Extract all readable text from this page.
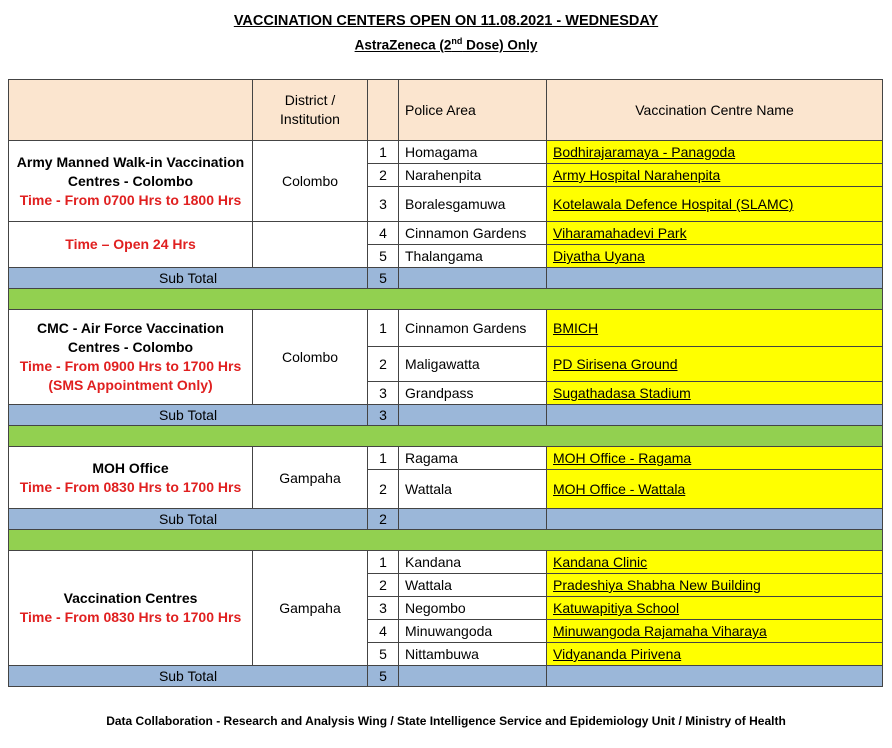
VACCINATION CENTERS OPEN ON 11.08.2021 - WEDNESDAY
AstraZeneca (2nd Dose) Only
	District / Institution		Police Area	Vaccination Centre Name

Army Manned Walk-in Vaccination Centres - Colombo
Time - From 0700 Hrs to 1800 Hrs	Colombo	1	Homagama	Bodhirajaramaya - Panagoda
		2	Narahenpita	Army Hospital Narahenpita
		3	Boralesgamuwa	Kotelawala Defence Hospital (SLAMC)

Time – Open 24 Hrs		4	Cinnamon Gardens	Viharamahadevi Park
		5	Thalangama	Diyatha Uyana
Sub Total		5		

CMC - Air Force Vaccination Centres - Colombo
Time - From 0900 Hrs to 1700 Hrs (SMS Appointment Only)	Colombo	1	Cinnamon Gardens	BMICH
		2	Maligawatta	PD Sirisena Ground
		3	Grandpass	Sugathadasa Stadium
Sub Total		3		

MOH Office
Time - From 0830 Hrs to 1700 Hrs	Gampaha	1	Ragama	MOH Office - Ragama
		2	Wattala	MOH Office - Wattala
Sub Total		2		

Vaccination Centres
Time - From 0830 Hrs to 1700 Hrs	Gampaha	1	Kandana	Kandana Clinic
		2	Wattala	Pradeshiya Shabha New Building
		3	Negombo	Katuwapitiya School
		4	Minuwangoda	Minuwangoda Rajamaha Viharaya
		5	Nittambuwa	Vidyananda Pirivena
Sub Total		5		
Data Collaboration - Research and Analysis Wing / State Intelligence Service and Epidemiology Unit / Ministry of Health
